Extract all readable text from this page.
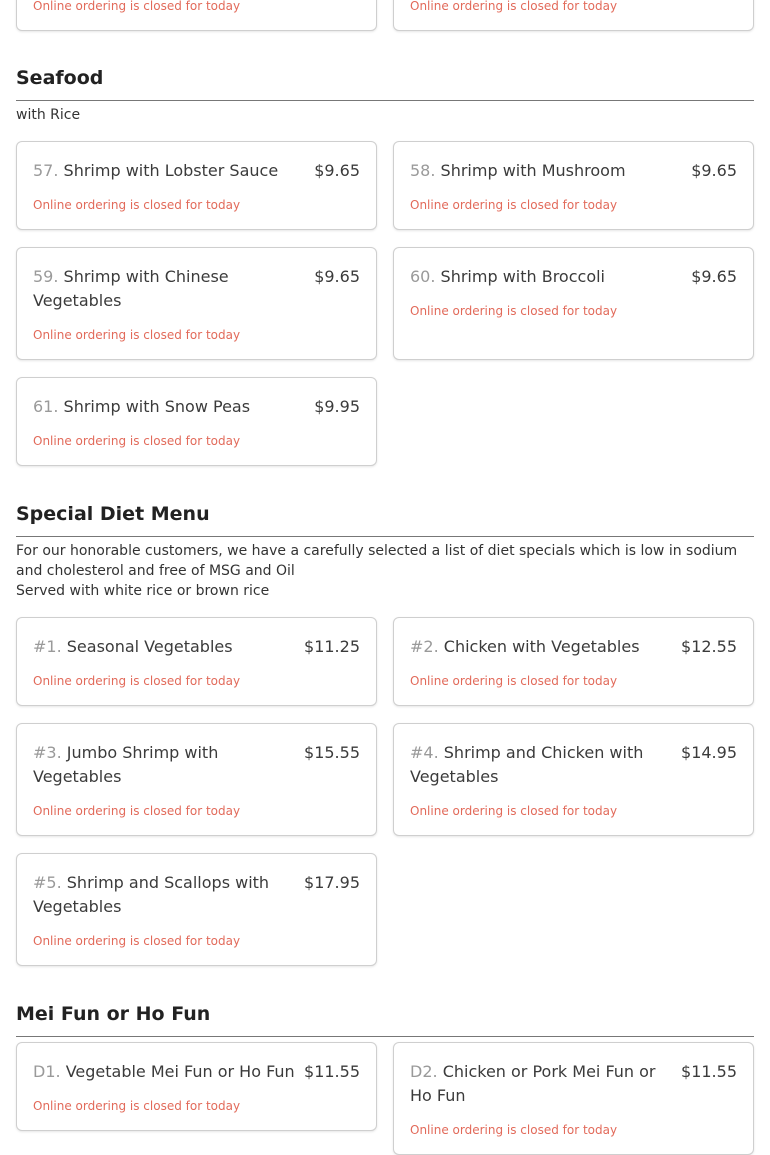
Online ordering is closed for today	Online ordering is closed for today
Seafood
with Rice
57. Shrimp with Lobster Sauce $9.65
Online ordering is closed for today
58. Shrimp with Mushroom	$9.65
Online ordering is closed for today
59. Shrimp with Chinese Vegetables
$9.65
Online ordering is closed for today
60. Shrimp with Broccoli	$9.65
Online ordering is closed for today
61. Shrimp with Snow Peas	$9.95
Online ordering is closed for today
Special Diet Menu
For our honorable customers, we have a carefully selected a list of diet specials which is low in sodium and cholesterol and free of MSG and Oil
Served with white rice or brown rice
#1. Seasonal Vegetables	$11.25
Online ordering is closed for today
#2. Chicken with Vegetables	$12.55
Online ordering is closed for today
#3. Jumbo Shrimp with Vegetables
$15.55
Online ordering is closed for today
#4. Shrimp and Chicken with Vegetables
$14.95
Online ordering is closed for today
#5. Shrimp and Scallops with Vegetables
$17.95
Online ordering is closed for today
Mei Fun or Ho Fun
D1. Vegetable Mei Fun or Ho Fun $11.55
Online ordering is closed for today
D2. Chicken or Pork Mei Fun or Ho Fun
$11.55
Online ordering is closed for today
